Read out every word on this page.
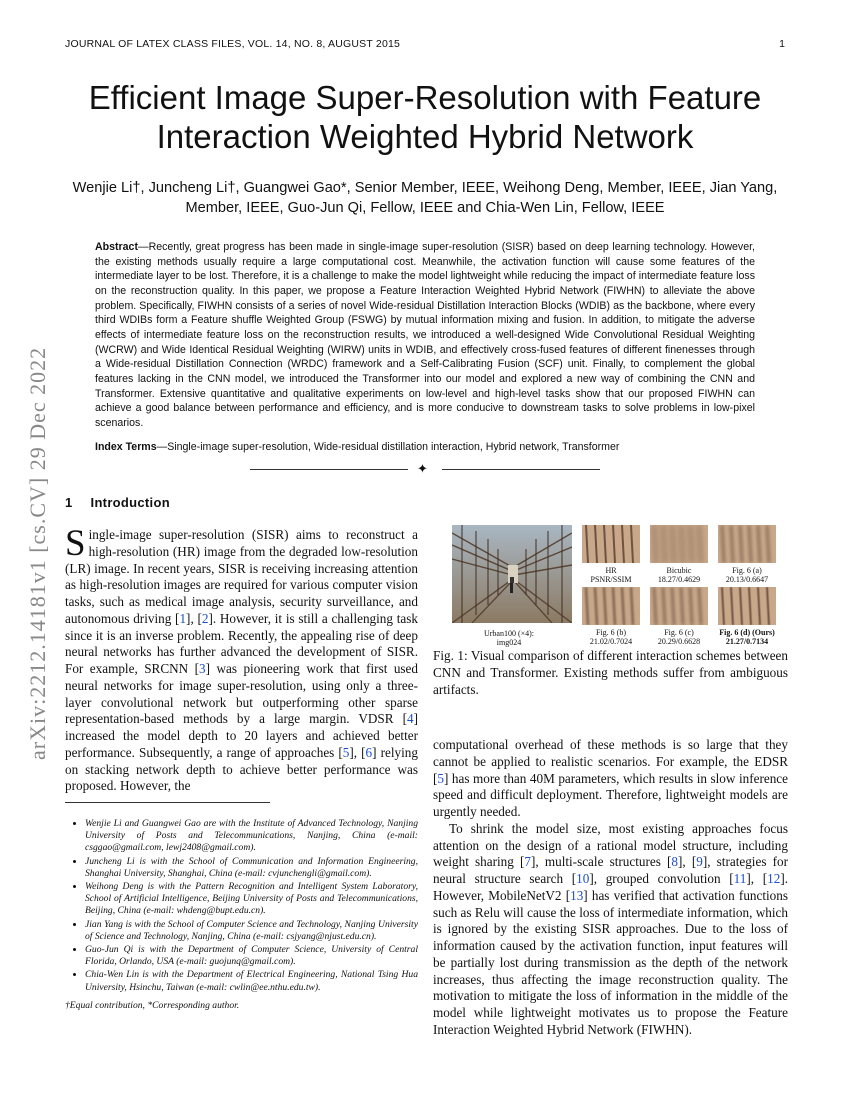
JOURNAL OF LATEX CLASS FILES, VOL. 14, NO. 8, AUGUST 2015	1
arXiv:2212.14181v1 [cs.CV] 29 Dec 2022
Efficient Image Super-Resolution with Feature Interaction Weighted Hybrid Network
Wenjie Li†, Juncheng Li†, Guangwei Gao*, Senior Member, IEEE, Weihong Deng, Member, IEEE, Jian Yang, Member, IEEE, Guo-Jun Qi, Fellow, IEEE and Chia-Wen Lin, Fellow, IEEE
Abstract—Recently, great progress has been made in single-image super-resolution (SISR) based on deep learning technology. However, the existing methods usually require a large computational cost. Meanwhile, the activation function will cause some features of the intermediate layer to be lost. Therefore, it is a challenge to make the model lightweight while reducing the impact of intermediate feature loss on the reconstruction quality. In this paper, we propose a Feature Interaction Weighted Hybrid Network (FIWHN) to alleviate the above problem. Specifically, FIWHN consists of a series of novel Wide-residual Distillation Interaction Blocks (WDIB) as the backbone, where every third WDIBs form a Feature shuffle Weighted Group (FSWG) by mutual information mixing and fusion. In addition, to mitigate the adverse effects of intermediate feature loss on the reconstruction results, we introduced a well-designed Wide Convolutional Residual Weighting (WCRW) and Wide Identical Residual Weighting (WIRW) units in WDIB, and effectively cross-fused features of different finenesses through a Wide-residual Distillation Connection (WRDC) framework and a Self-Calibrating Fusion (SCF) unit. Finally, to complement the global features lacking in the CNN model, we introduced the Transformer into our model and explored a new way of combining the CNN and Transformer. Extensive quantitative and qualitative experiments on low-level and high-level tasks show that our proposed FIWHN can achieve a good balance between performance and efficiency, and is more conducive to downstream tasks to solve problems in low-pixel scenarios.
Index Terms—Single-image super-resolution, Wide-residual distillation interaction, Hybrid network, Transformer
✦
1 Introduction
Single-image super-resolution (SISR) aims to reconstruct a high-resolution (HR) image from the degraded low-resolution (LR) image. In recent years, SISR is receiving increasing attention as high-resolution images are required for various computer vision tasks, such as medical image analysis, security surveillance, and autonomous driving [1], [2]. However, it is still a challenging task since it is an inverse problem. Recently, the appealing rise of deep neural networks has further advanced the development of SISR. For example, SRCNN [3] was pioneering work that first used neural networks for image super-resolution, using only a three-layer convolutional network but outperforming other sparse representation-based methods by a large margin. VDSR [4] increased the model depth to 20 layers and achieved better performance. Subsequently, a range of approaches [5], [6] relying on stacking network depth to achieve better performance was proposed. However, the
• Wenjie Li and Guangwei Gao are with the Institute of Advanced Technology, Nanjing University of Posts and Telecommunications, Nanjing, China (e-mail: csggao@gmail.com, lewj2408@gmail.com).
• Juncheng Li is with the School of Communication and Information Engineering, Shanghai University, Shanghai, China (e-mail: cvjunchengli@gmail.com).
• Weihong Deng is with the Pattern Recognition and Intelligent System Laboratory, School of Artificial Intelligence, Beijing University of Posts and Telecommunications, Beijing, China (e-mail: whdeng@bupt.edu.cn).
• Jian Yang is with the School of Computer Science and Technology, Nanjing University of Science and Technology, Nanjing, China (e-mail: csjyang@njust.edu.cn).
• Guo-Jun Qi is with the Department of Computer Science, University of Central Florida, Orlando, USA (e-mail: guojunq@gmail.com).
• Chia-Wen Lin is with the Department of Electrical Engineering, National Tsing Hua University, Hsinchu, Taiwan (e-mail: cwlin@ee.nthu.edu.tw).
†Equal contribution, *Corresponding author.
Urban100 (×4):
img024
HR
PSNR/SSIM
Bicubic
18.27/0.4629
Fig. 6 (a)
20.13/0.6647
Fig. 6 (b)
21.02/0.7024
Fig. 6 (c)
20.29/0.6628
Fig. 6 (d) (Ours)
21.27/0.7134
Fig. 1: Visual comparison of different interaction schemes between CNN and Transformer. Existing methods suffer from ambiguous artifacts.
computational overhead of these methods is so large that they cannot be applied to realistic scenarios. For example, the EDSR [5] has more than 40M parameters, which results in slow inference speed and difficult deployment. Therefore, lightweight models are urgently needed.
To shrink the model size, most existing approaches focus attention on the design of a rational model structure, including weight sharing [7], multi-scale structures [8], [9], strategies for neural structure search [10], grouped convolution [11], [12]. However, MobileNetV2 [13] has verified that activation functions such as Relu will cause the loss of intermediate information, which is ignored by the existing SISR approaches. Due to the loss of information caused by the activation function, input features will be partially lost during transmission as the depth of the network increases, thus affecting the image reconstruction quality. The motivation to mitigate the loss of information in the middle of the model while lightweight motivates us to propose the Feature Interaction Weighted Hybrid Network (FIWHN).
